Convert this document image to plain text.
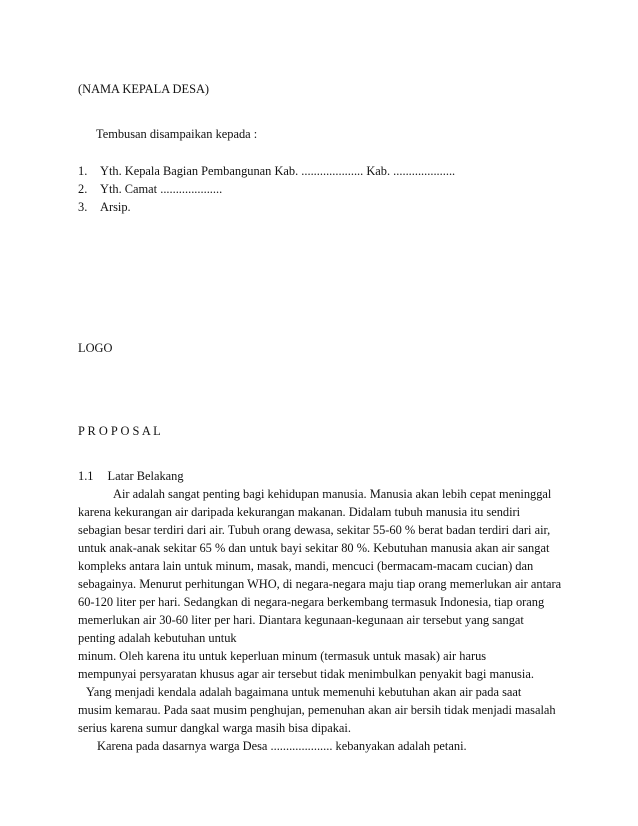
(NAMA KEPALA DESA)
Tembusan disampaikan kepada :
1. Yth. Kepala Bagian Pembangunan Kab. .................... Kab. ....................
2. Yth. Camat ....................
3. Arsip.
LOGO
P R O P O S A L
1.1 Latar Belakang
Air adalah sangat penting bagi kehidupan manusia. Manusia akan lebih cepat meninggal
karena kekurangan air daripada kekurangan makanan. Didalam tubuh manusia itu sendiri
sebagian besar terdiri dari air. Tubuh orang dewasa, sekitar 55-60 % berat badan terdiri dari air,
untuk anak-anak sekitar 65 % dan untuk bayi sekitar 80 %. Kebutuhan manusia akan air sangat
kompleks antara lain untuk minum, masak, mandi, mencuci (bermacam-macam cucian) dan
sebagainya. Menurut perhitungan WHO, di negara-negara maju tiap orang memerlukan air antara
60-120 liter per hari. Sedangkan di negara-negara berkembang termasuk Indonesia, tiap orang
memerlukan air 30-60 liter per hari. Diantara kegunaan-kegunaan air tersebut yang sangat
penting adalah kebutuhan untuk
minum. Oleh karena itu untuk keperluan minum (termasuk untuk masak) air harus
mempunyai persyaratan khusus agar air tersebut tidak menimbulkan penyakit bagi manusia.
Yang menjadi kendala adalah bagaimana untuk memenuhi kebutuhan akan air pada saat
musim kemarau. Pada saat musim penghujan, pemenuhan akan air bersih tidak menjadi masalah
serius karena sumur dangkal warga masih bisa dipakai.
Karena pada dasarnya warga Desa .................... kebanyakan adalah petani.
